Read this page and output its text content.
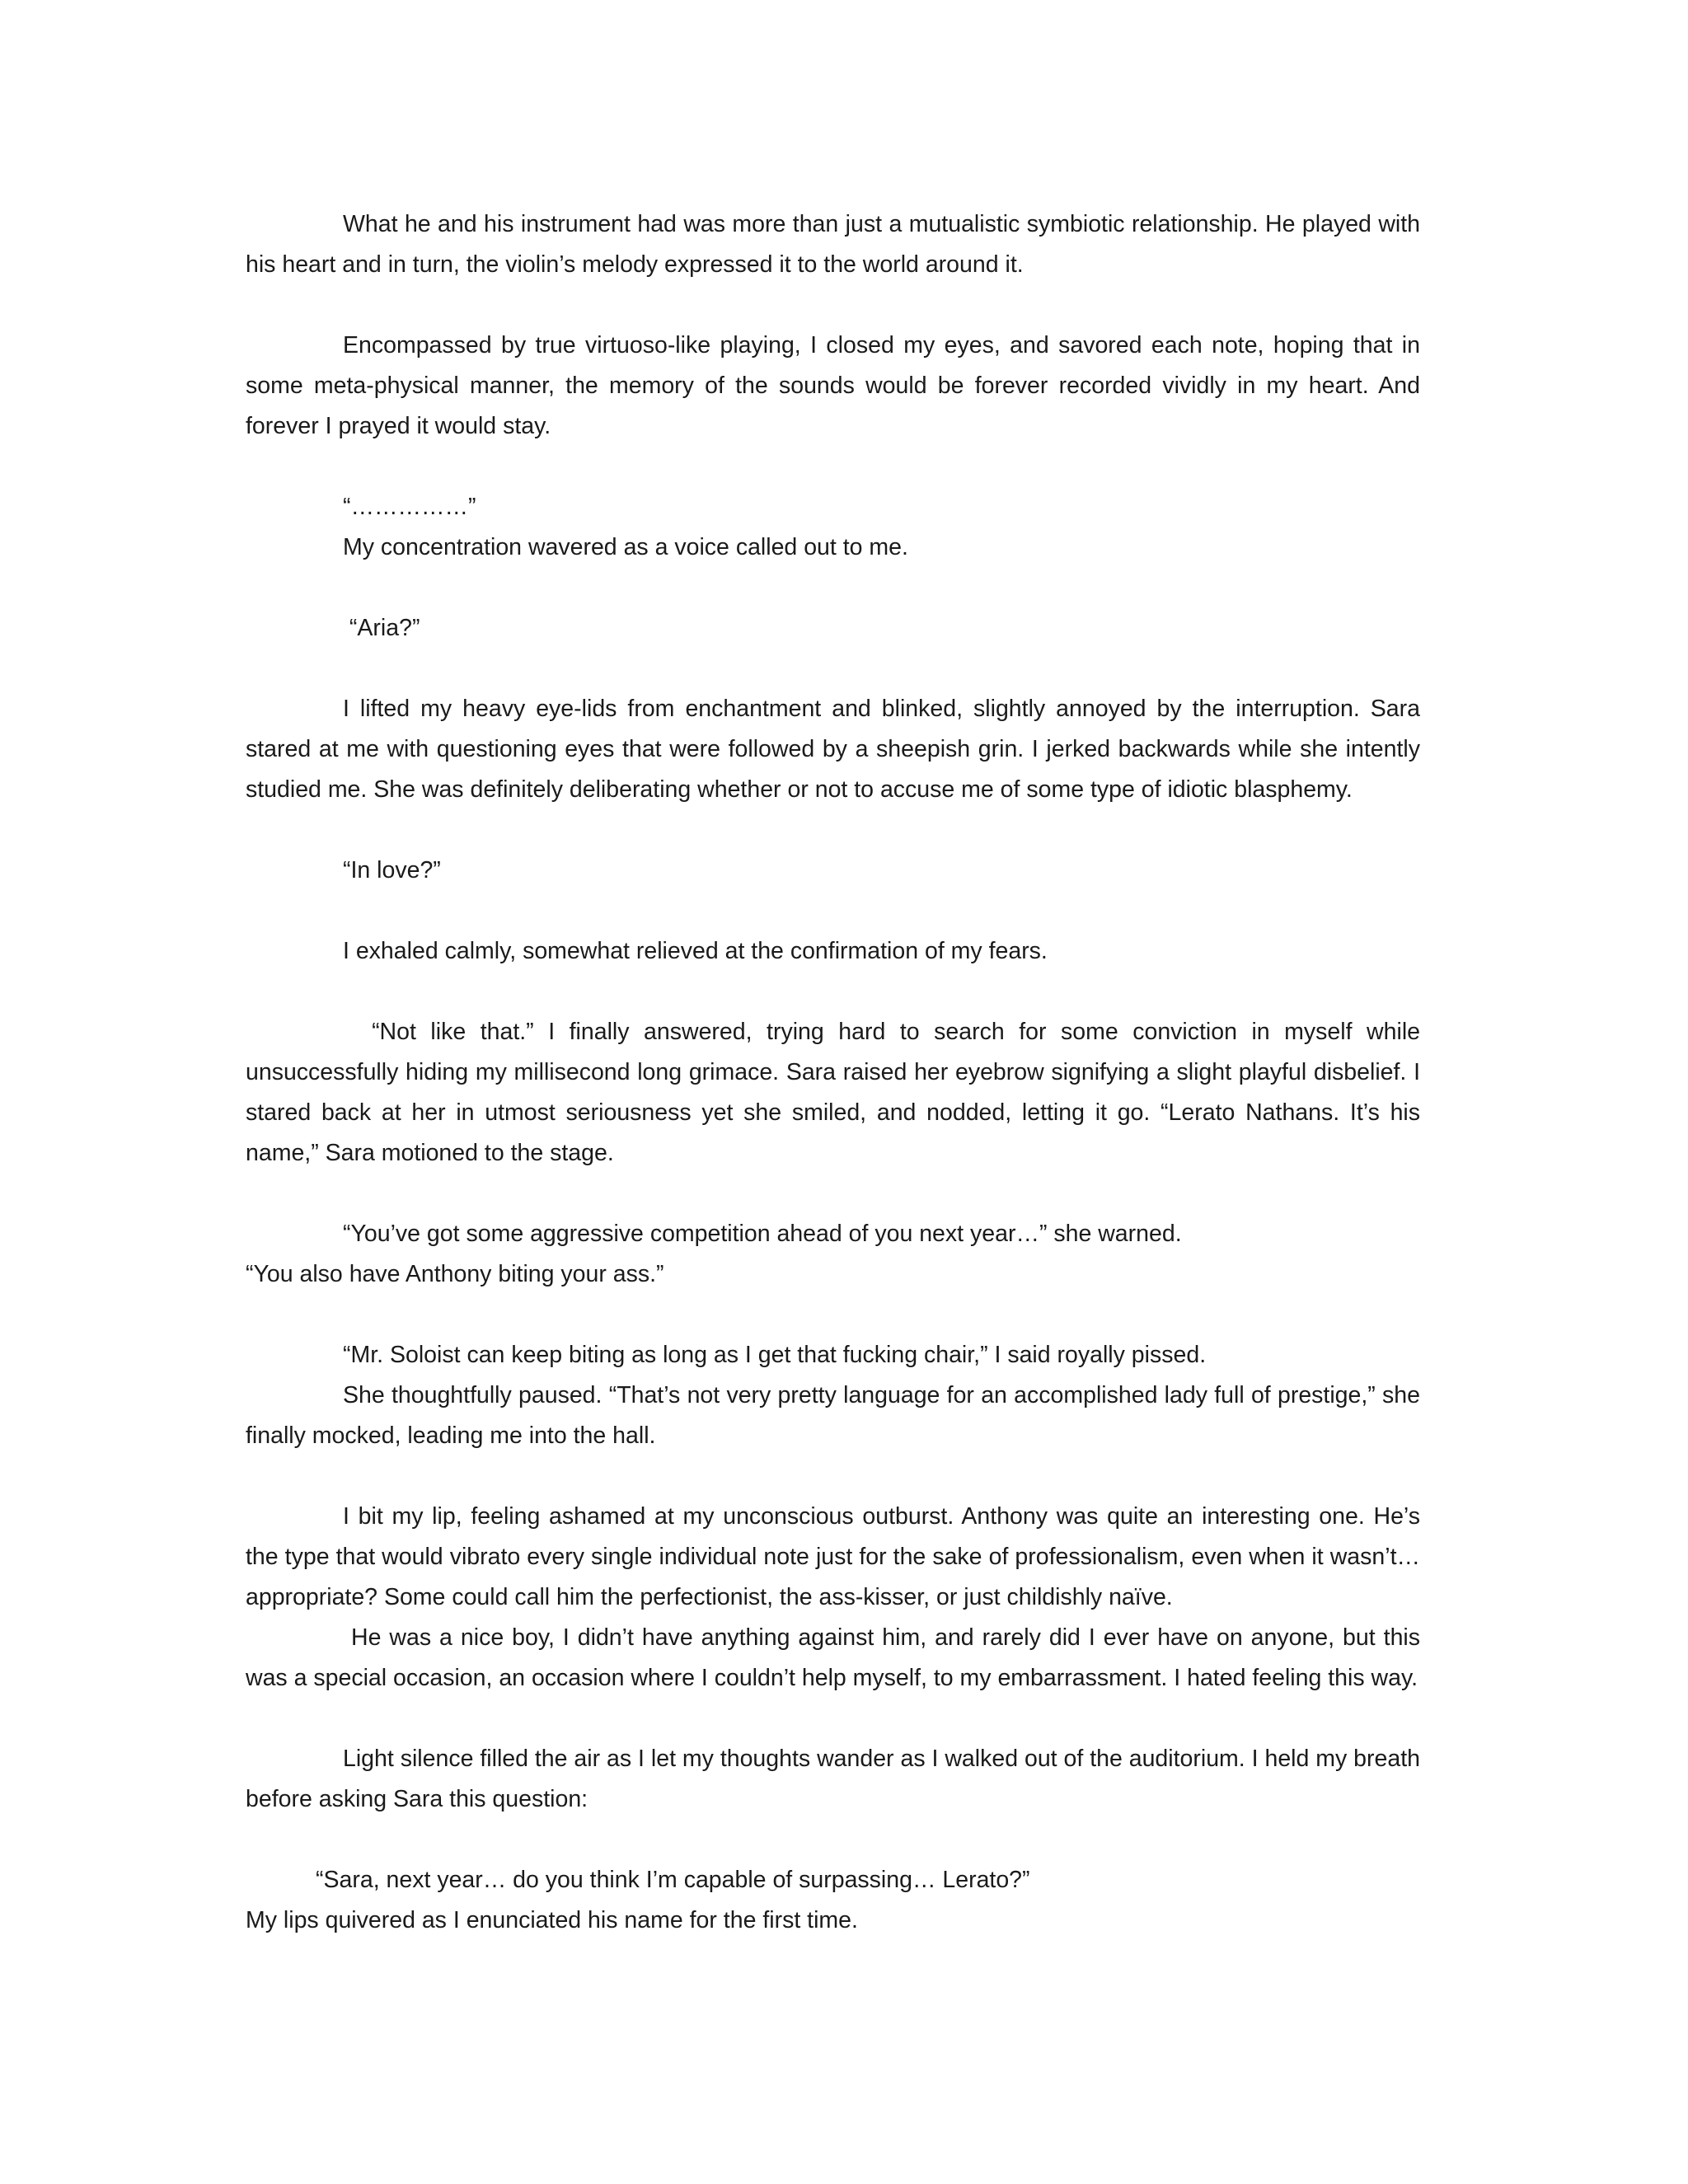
What he and his instrument had was more than just a mutualistic symbiotic relationship. He played with his heart and in turn, the violin’s melody expressed it to the world around it.

Encompassed by true virtuoso-like playing, I closed my eyes, and savored each note, hoping that in some meta-physical manner, the memory of the sounds would be forever recorded vividly in my heart. And forever I prayed it would stay.

“……………”

My concentration wavered as a voice called out to me.

“Aria?”

I lifted my heavy eye-lids from enchantment and blinked, slightly annoyed by the interruption. Sara stared at me with questioning eyes that were followed by a sheepish grin. I jerked backwards while she intently studied me. She was definitely deliberating whether or not to accuse me of some type of idiotic blasphemy.

“In love?”

I exhaled calmly, somewhat relieved at the confirmation of my fears.

“Not like that.” I finally answered, trying hard to search for some conviction in myself while unsuccessfully hiding my millisecond long grimace. Sara raised her eyebrow signifying a slight playful disbelief. I stared back at her in utmost seriousness yet she smiled, and nodded, letting it go. “Lerato Nathans. It’s his name,” Sara motioned to the stage.

“You’ve got some aggressive competition ahead of you next year…” she warned.

“You also have Anthony biting your ass.”

“Mr. Soloist can keep biting as long as I get that fucking chair,” I said royally pissed.

She thoughtfully paused. “That’s not very pretty language for an accomplished lady full of prestige,” she finally mocked, leading me into the hall.

I bit my lip, feeling ashamed at my unconscious outburst. Anthony was quite an interesting one. He’s the type that would vibrato every single individual note just for the sake of professionalism, even when it wasn’t… appropriate? Some could call him the perfectionist, the ass-kisser, or just childishly naïve.

He was a nice boy, I didn’t have anything against him, and rarely did I ever have on anyone, but this was a special occasion, an occasion where I couldn’t help myself, to my embarrassment. I hated feeling this way.

Light silence filled the air as I let my thoughts wander as I walked out of the auditorium. I held my breath before asking Sara this question:

“Sara, next year… do you think I’m capable of surpassing… Lerato?”

My lips quivered as I enunciated his name for the first time.
